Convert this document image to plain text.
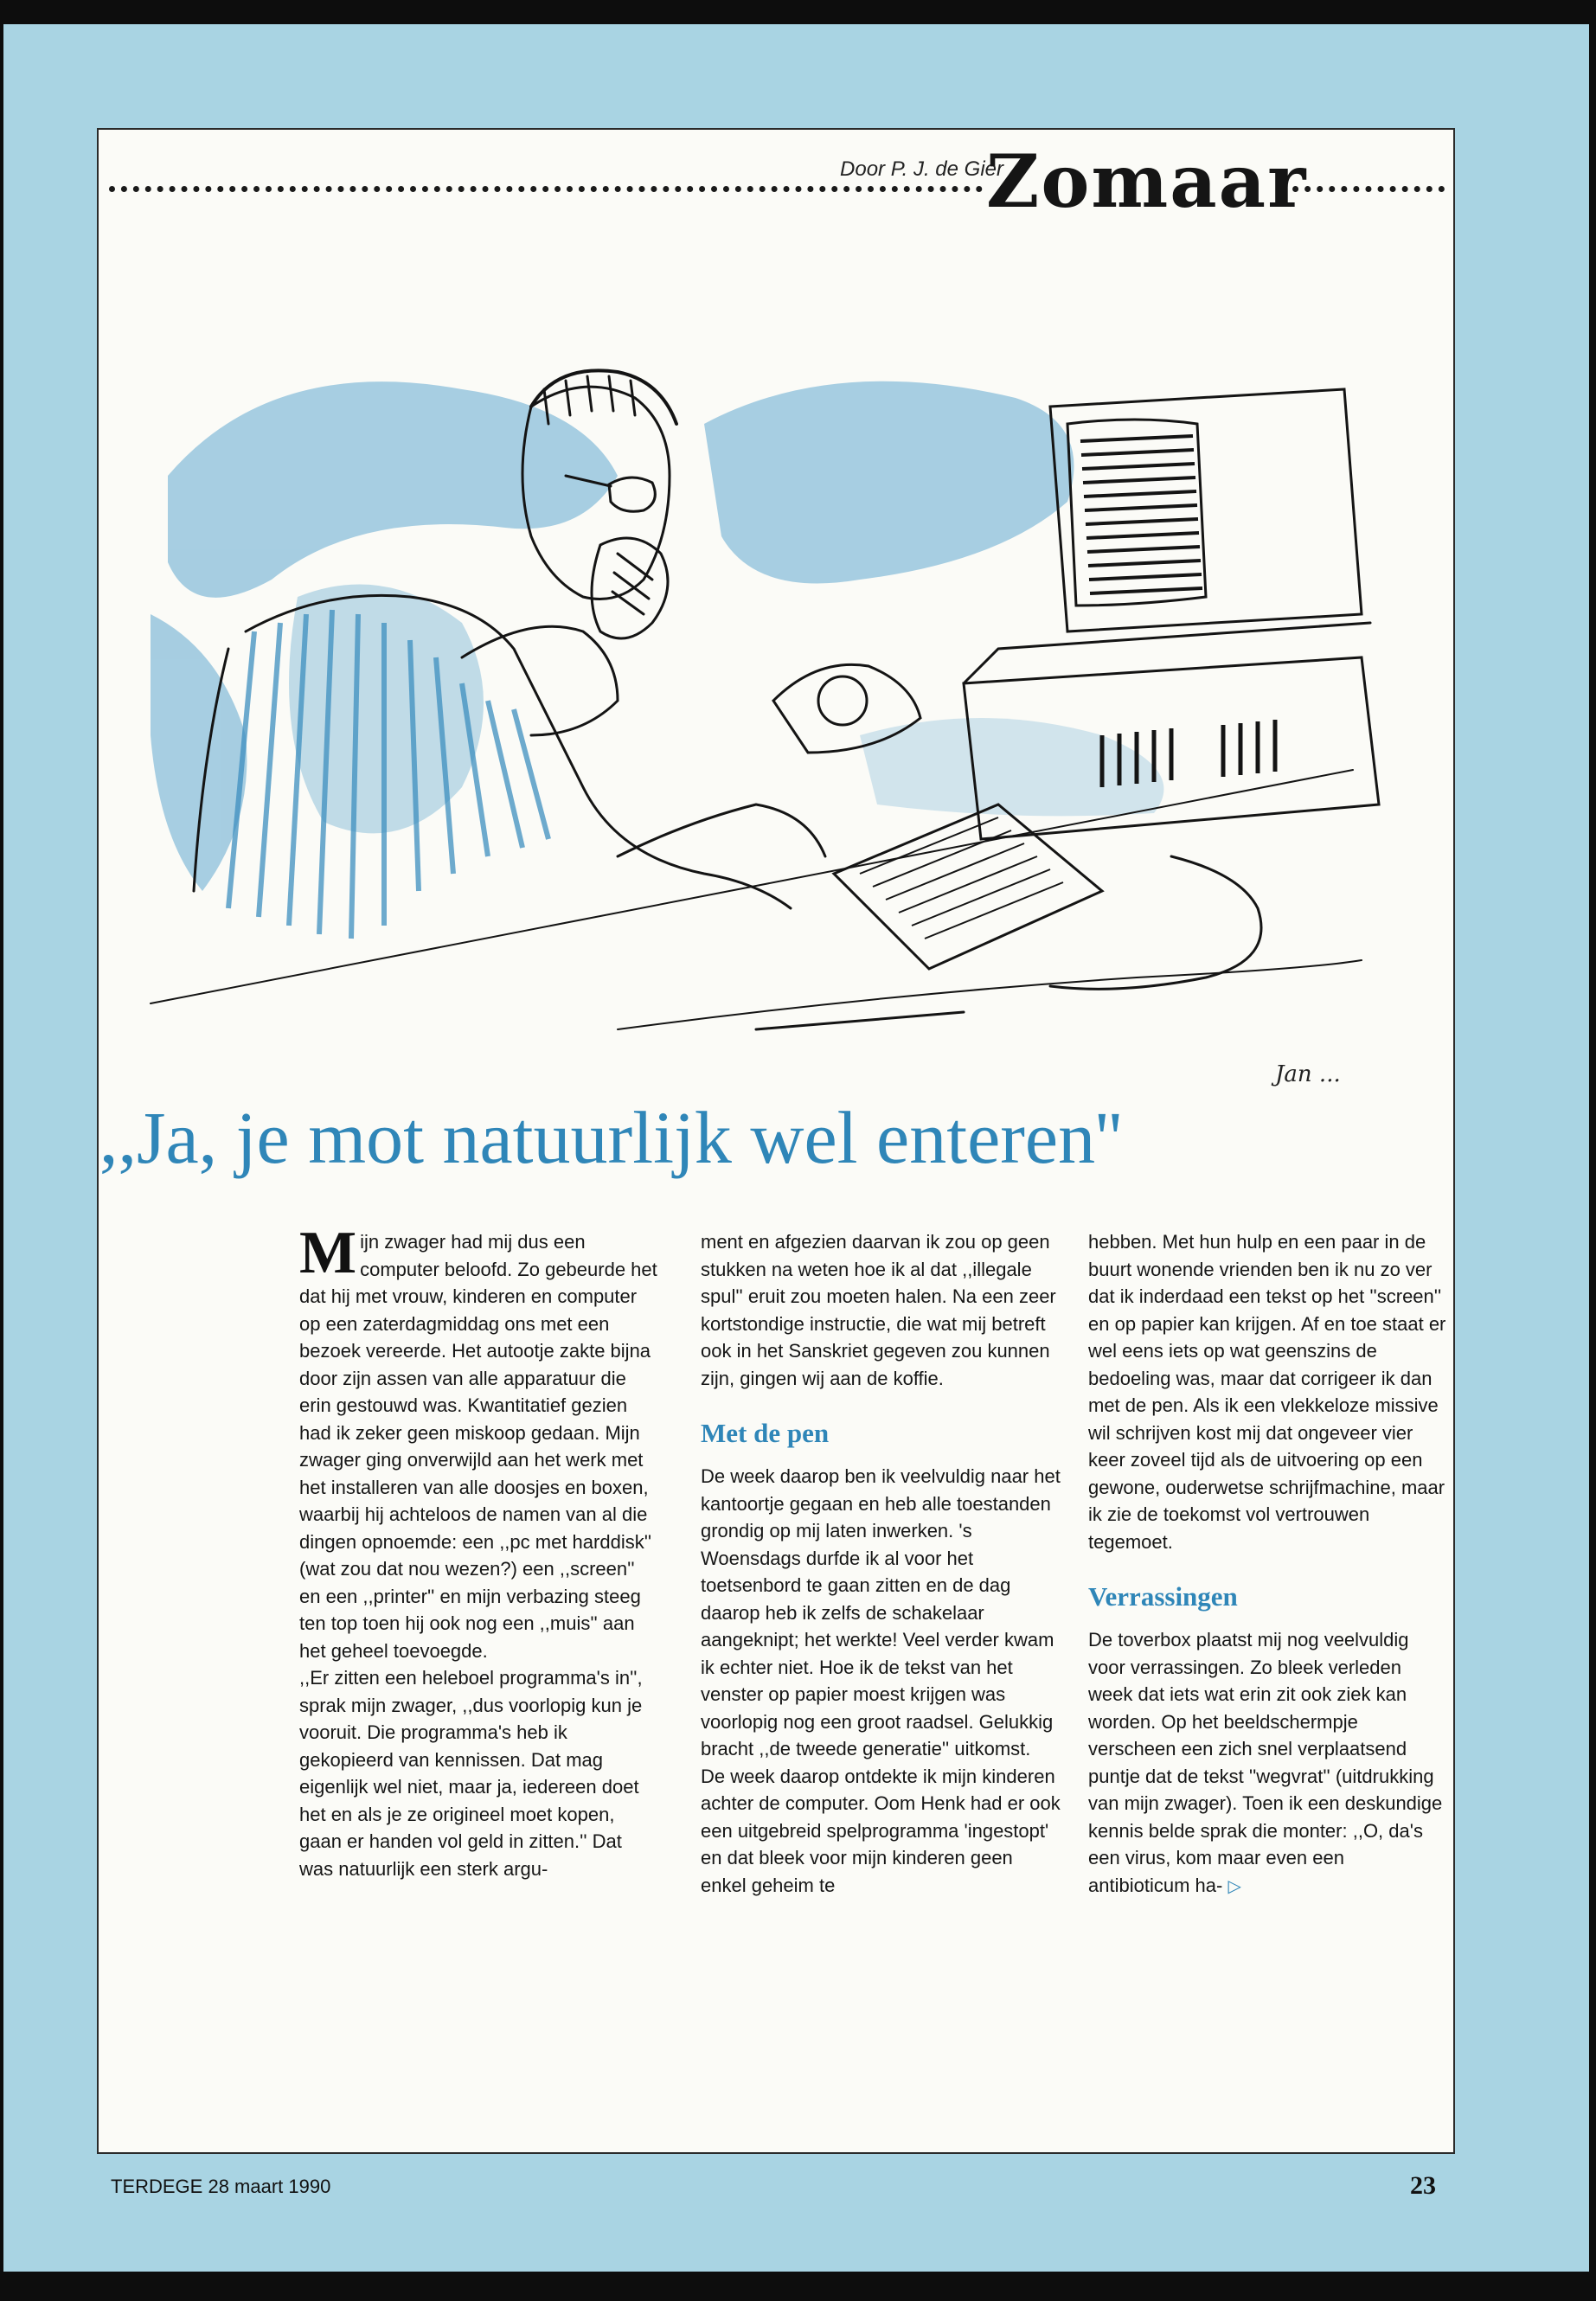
Door P. J. de Gier
Zomaar
Jan ...
,,Ja, je mot natuurlijk wel enteren''

Mijn zwager had mij dus een computer beloofd. Zo gebeurde het dat hij met vrouw, kinderen en computer op een zaterdagmiddag ons met een bezoek vereerde. Het autootje zakte bijna door zijn assen van alle apparatuur die erin gestouwd was. Kwantitatief gezien had ik zeker geen miskoop gedaan. Mijn zwager ging onverwijld aan het werk met het installeren van alle doosjes en boxen, waarbij hij achteloos de namen van al die dingen opnoemde: een ,,pc met harddisk'' (wat zou dat nou wezen?) een ,,screen'' en een ,,printer'' en mijn verbazing steeg ten top toen hij ook nog een ,,muis'' aan het geheel toevoegde.

,,Er zitten een heleboel programma's in'', sprak mijn zwager, ,,dus voorlopig kun je vooruit. Die programma's heb ik gekopieerd van kennissen. Dat mag eigenlijk wel niet, maar ja, iedereen doet het en als je ze origineel moet kopen, gaan er handen vol geld in zitten.'' Dat was natuurlijk een sterk argu-

ment en afgezien daarvan ik zou op geen stukken na weten hoe ik al dat ,,illegale spul'' eruit zou moeten halen. Na een zeer kortstondige instructie, die wat mij betreft ook in het Sanskriet gegeven zou kunnen zijn, gingen wij aan de koffie.

Met de pen

De week daarop ben ik veelvuldig naar het kantoortje gegaan en heb alle toestanden grondig op mij laten inwerken. 's Woensdags durfde ik al voor het toetsenbord te gaan zitten en de dag daarop heb ik zelfs de schakelaar aangeknipt; het werkte! Veel verder kwam ik echter niet. Hoe ik de tekst van het venster op papier moest krijgen was voorlopig nog een groot raadsel. Gelukkig bracht ,,de tweede generatie'' uitkomst.

De week daarop ontdekte ik mijn kinderen achter de computer. Oom Henk had er ook een uitgebreid spelprogramma 'ingestopt' en dat bleek voor mijn kinderen geen enkel geheim te

hebben. Met hun hulp en een paar in de buurt wonende vrienden ben ik nu zo ver dat ik inderdaad een tekst op het ''screen'' en op papier kan krijgen. Af en toe staat er wel eens iets op wat geenszins de bedoeling was, maar dat corrigeer ik dan met de pen. Als ik een vlekkeloze missive wil schrijven kost mij dat ongeveer vier keer zoveel tijd als de uitvoering op een gewone, ouderwetse schrijfmachine, maar ik zie de toekomst vol vertrouwen tegemoet.

Verrassingen

De toverbox plaatst mij nog veelvuldig voor verrassingen. Zo bleek verleden week dat iets wat erin zit ook ziek kan worden. Op het beeldschermpje verscheen een zich snel verplaatsend puntje dat de tekst ''wegvrat'' (uitdrukking van mijn zwager). Toen ik een deskundige kennis belde sprak die monter: ,,O, da's een virus, kom maar even een antibioticum ha- ▷

TERDEGE 28 maart 1990	23
